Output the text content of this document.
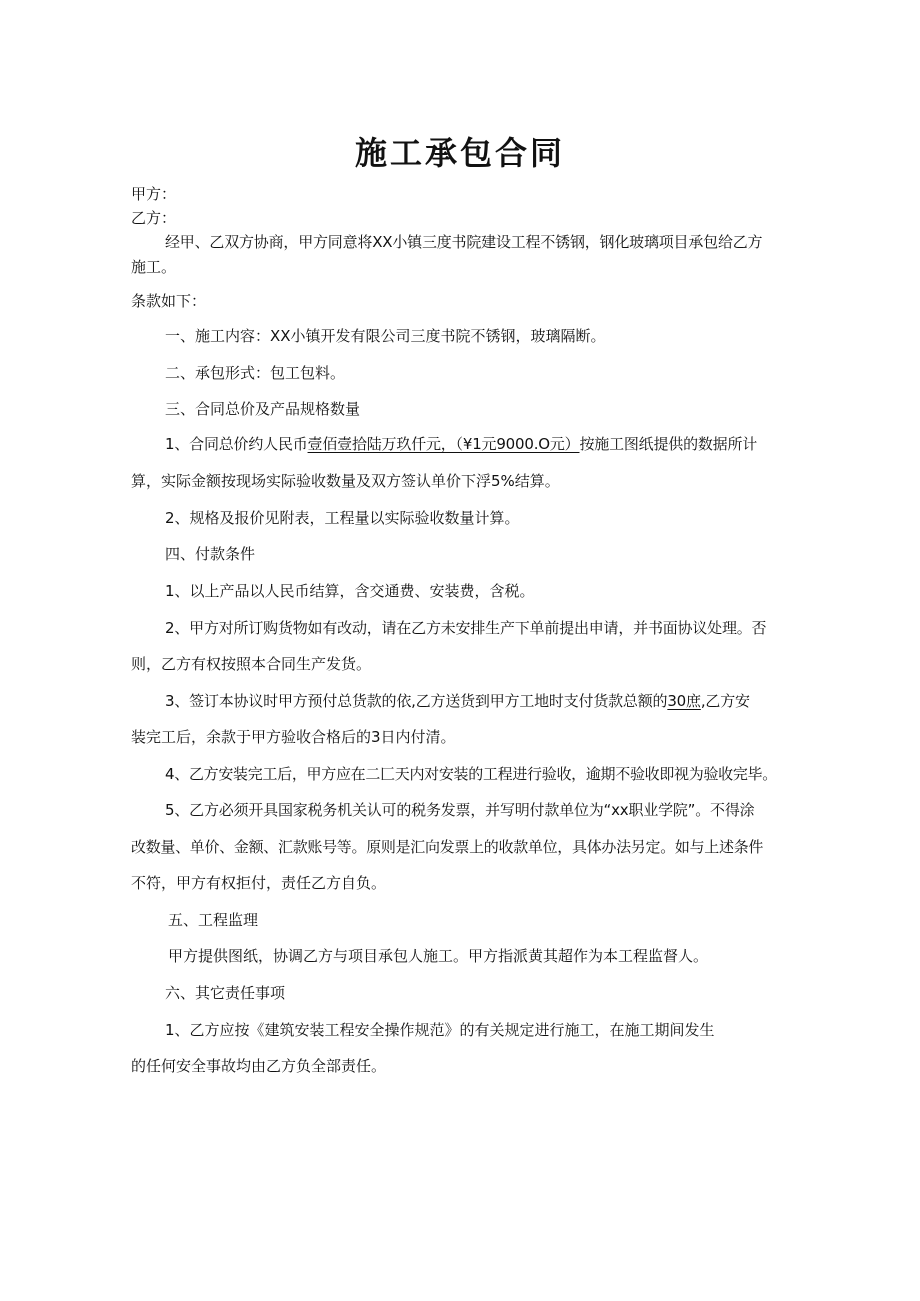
施工承包合同
甲方：
乙方：
经甲、乙双方协商，甲方同意将XX小镇三度书院建设工程不锈钢，钢化玻璃项目承包给乙方
施工。
条款如下：
一、施工内容：XX小镇开发有限公司三度书院不锈钢，玻璃隔断。
二、承包形式：包工包料。
三、合同总价及产品规格数量
1、合同总价约人民币壹佰壹拾陆万玖仟元，（¥1元9000.O元）按施工图纸提供的数据所计
算，实际金额按现场实际验收数量及双方签认单价下浮5%结算。
2、规格及报价见附表，工程量以实际验收数量计算。
四、付款条件
1、以上产品以人民币结算，含交通费、安装费，含税。
2、甲方对所订购货物如有改动，请在乙方未安排生产下单前提出申请，并书面协议处理。否
则，乙方有权按照本合同生产发货。
3、签订本协议时甲方预付总货款的依,乙方送货到甲方工地时支付货款总额的30庶,乙方安
装完工后，余款于甲方验收合格后的3日内付清。
4、乙方安装完工后，甲方应在二匚天内对安装的工程进行验收，逾期不验收即视为验收完毕。
5、乙方必须开具国家税务机关认可的税务发票，并写明付款单位为“xx职业学院”。不得涂
改数量、单价、金额、汇款账号等。原则是汇向发票上的收款单位，具体办法另定。如与上述条件
不符，甲方有权拒付，责任乙方自负。
五、工程监理
甲方提供图纸，协调乙方与项目承包人施工。甲方指派黄其超作为本工程监督人。
六、其它责任事项
1、乙方应按《建筑安装工程安全操作规范》的有关规定进行施工，在施工期间发生
的任何安全事故均由乙方负全部责任。
